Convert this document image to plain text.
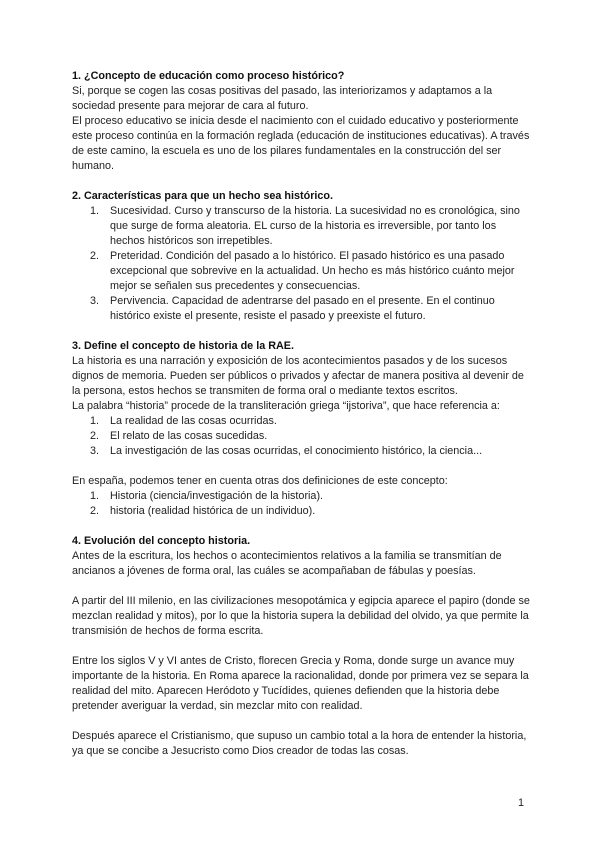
1. ¿Concepto de educación como proceso histórico?

Si, porque se cogen las cosas positivas del pasado, las interiorizamos y adaptamos a la sociedad presente para mejorar de cara al futuro.

El proceso educativo se inicia desde el nacimiento con el cuidado educativo y posteriormente este proceso continúa en la formación reglada (educación de instituciones educativas). A través de este camino, la escuela es uno de los pilares fundamentales en la construcción del ser humano.

2. Características para que un hecho sea histórico.
1. Sucesividad. Curso y transcurso de la historia. La sucesividad no es cronológica, sino que surge de forma aleatoria. EL curso de la historia es irreversible, por tanto los hechos históricos son irrepetibles.
2. Preteridad. Condición del pasado a lo histórico. El pasado histórico es una pasado excepcional que sobrevive en la actualidad. Un hecho es más histórico cuánto mejor mejor se señalen sus precedentes y consecuencias.
3. Pervivencia. Capacidad de adentrarse del pasado en el presente. En el continuo histórico existe el presente, resiste el pasado y preexiste el futuro.
3. Define el concepto de historia de la RAE.

La historia es una narración y exposición de los acontecimientos pasados y de los sucesos dignos de memoria. Pueden ser públicos o privados y afectar de manera positiva al devenir de la persona, estos hechos se transmiten de forma oral o mediante textos escritos.

La palabra “historia” procede de la transliteración griega “ijstoriva”, que hace referencia a:

1. La realidad de las cosas ocurridas.
2. El relato de las cosas sucedidas.
3. La investigación de las cosas ocurridas, el conocimiento histórico, la ciencia...

En españa, podemos tener en cuenta otras dos definiciones de este concepto:

1. Historia (ciencia/investigación de la historia).
2. historia (realidad histórica de un individuo).
4. Evolución del concepto historia.

Antes de la escritura, los hechos o acontecimientos relativos a la familia se transmitían de ancianos a jóvenes de forma oral, las cuáles se acompañaban de fábulas y poesías.

A partir del III milenio, en las civilizaciones mesopotámica y egipcia aparece el papiro (donde se mezclan realidad y mitos), por lo que la historia supera la debilidad del olvido, ya que permite la transmisión de hechos de forma escrita.

Entre los siglos V y VI antes de Cristo, florecen Grecia y Roma, donde surge un avance muy importante de la historia. En Roma aparece la racionalidad, donde por primera vez se separa la realidad del mito. Aparecen Heródoto y Tucídides, quienes defienden que la historia debe pretender averiguar la verdad, sin mezclar mito con realidad.

Después aparece el Cristianismo, que supuso un cambio total a la hora de entender la historia, ya que se concibe a Jesucristo como Dios creador de todas las cosas.

1
